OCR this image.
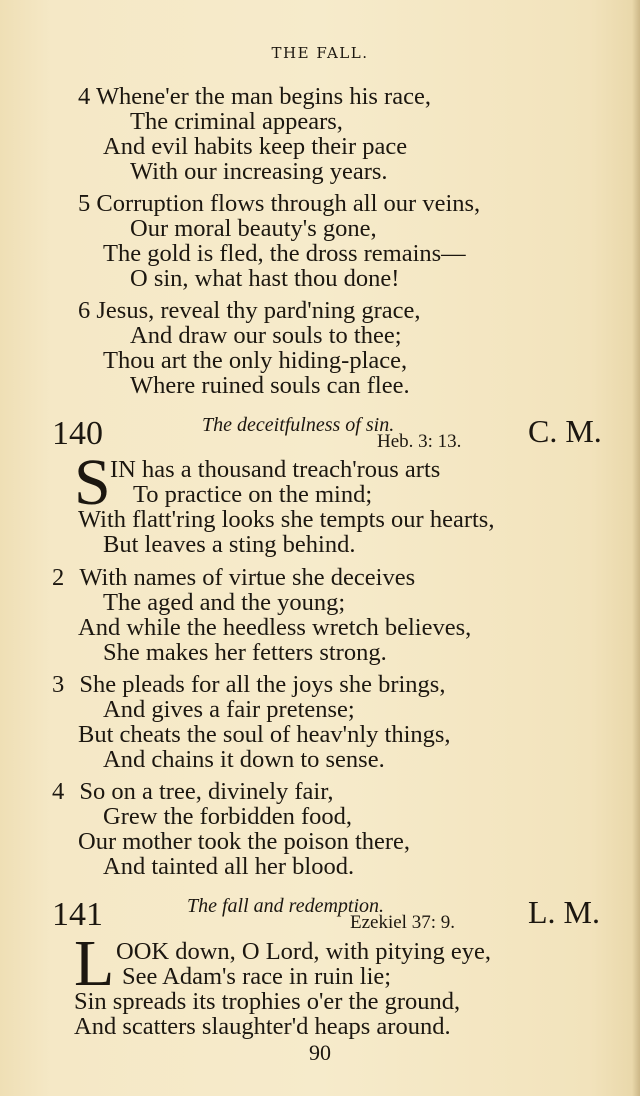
THE FALL.
4 Whene'er the man begins his race,
The criminal appears,
And evil habits keep their pace
With our increasing years.
5 Corruption flows through all our veins,
Our moral beauty's gone,
The gold is fled, the dross remains—
O sin, what hast thou done!
6 Jesus, reveal thy pard'ning grace,
And draw our souls to thee;
Thou art the only hiding-place,
Where ruined souls can flee.
140	The deceitfulness of sin.
Heb. 3: 13. C. M.
S IN has a thousand treach'rous arts
To practice on the mind;
With flatt'ring looks she tempts our hearts,
But leaves a sting behind.
2 With names of virtue she deceives
The aged and the young;
And while the heedless wretch believes,
She makes her fetters strong.
3 She pleads for all the joys she brings,
And gives a fair pretense;
But cheats the soul of heav'nly things,
And chains it down to sense.
4 So on a tree, divinely fair,
Grew the forbidden food,
Our mother took the poison there,
And tainted all her blood.
141	The fall and redemption.
Ezekiel 37: 9. L. M.
L OOK down, O Lord, with pitying eye,
See Adam's race in ruin lie;
Sin spreads its trophies o'er the ground,
And scatters slaughter'd heaps around.
90
